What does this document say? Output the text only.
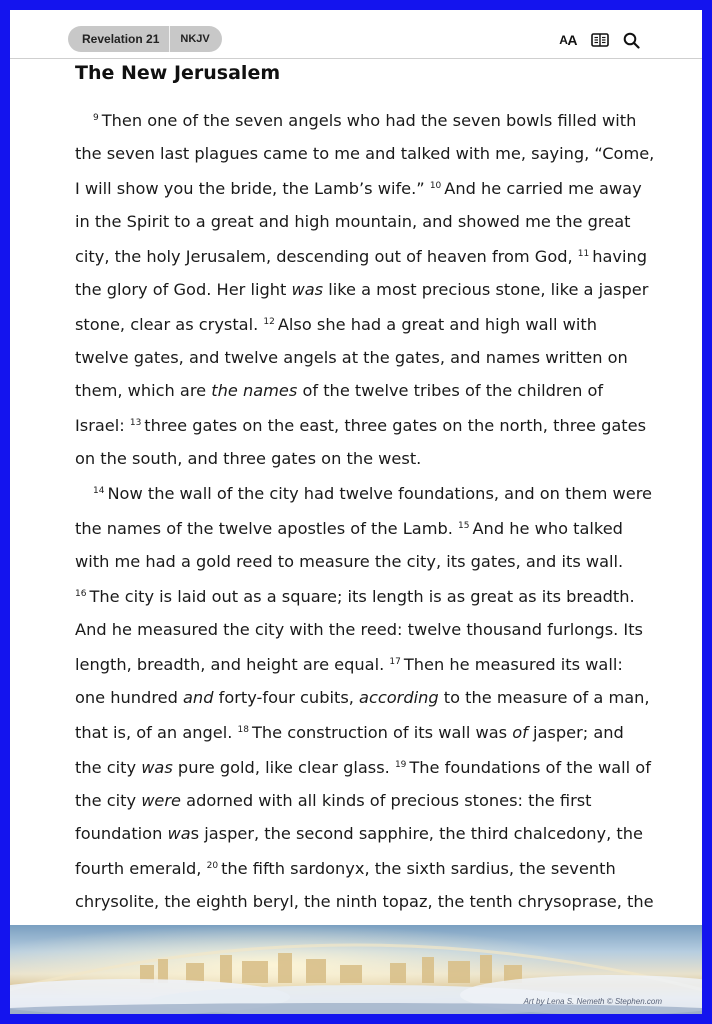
Revelation 21	NKJV	A A
The New Jerusalem

$^9$ Then one of the seven angels who had the seven bowls filled with the seven last plagues came to me and talked with me, saying, “Come, I will show you the bride, the Lamb’s wife.” $^{10}$ And he carried me away in the Spirit to a great and high mountain, and showed me the great city, the holy Jerusalem, descending out of heaven from God, $^{11}$ having the glory of God. Her light was like a most precious stone, like a jasper stone, clear as crystal. $^{12}$ Also she had a great and high wall with twelve gates, and twelve angels at the gates, and names written on them, which are the names of the twelve tribes of the children of Israel: $^{13}$ three gates on the east, three gates on the north, three gates on the south, and three gates on the west.

$^{14}$ Now the wall of the city had twelve foundations, and on them were the names of the twelve apostles of the Lamb. $^{15}$ And he who talked with me had a gold reed to measure the city, its gates, and its wall. $^{16}$ The city is laid out as a square; its length is as great as its breadth. And he measured the city with the reed: twelve thousand furlongs. Its length, breadth, and height are equal. $^{17}$ Then he measured its wall: one hundred and forty-four cubits, according to the measure of a man, that is, of an angel. $^{18}$ The construction of its wall was of jasper; and the city was pure gold, like clear glass. $^{19}$ The foundations of the wall of the city were adorned with all kinds of precious stones: the first foundation was jasper, the second sapphire, the third chalcedony, the fourth emerald, $^{20}$ the fifth sardonyx, the sixth sardius, the seventh chrysolite, the eighth beryl, the ninth topaz, the tenth chrysoprase, the

Art by Lena S. Nemeth © Stephen.com
